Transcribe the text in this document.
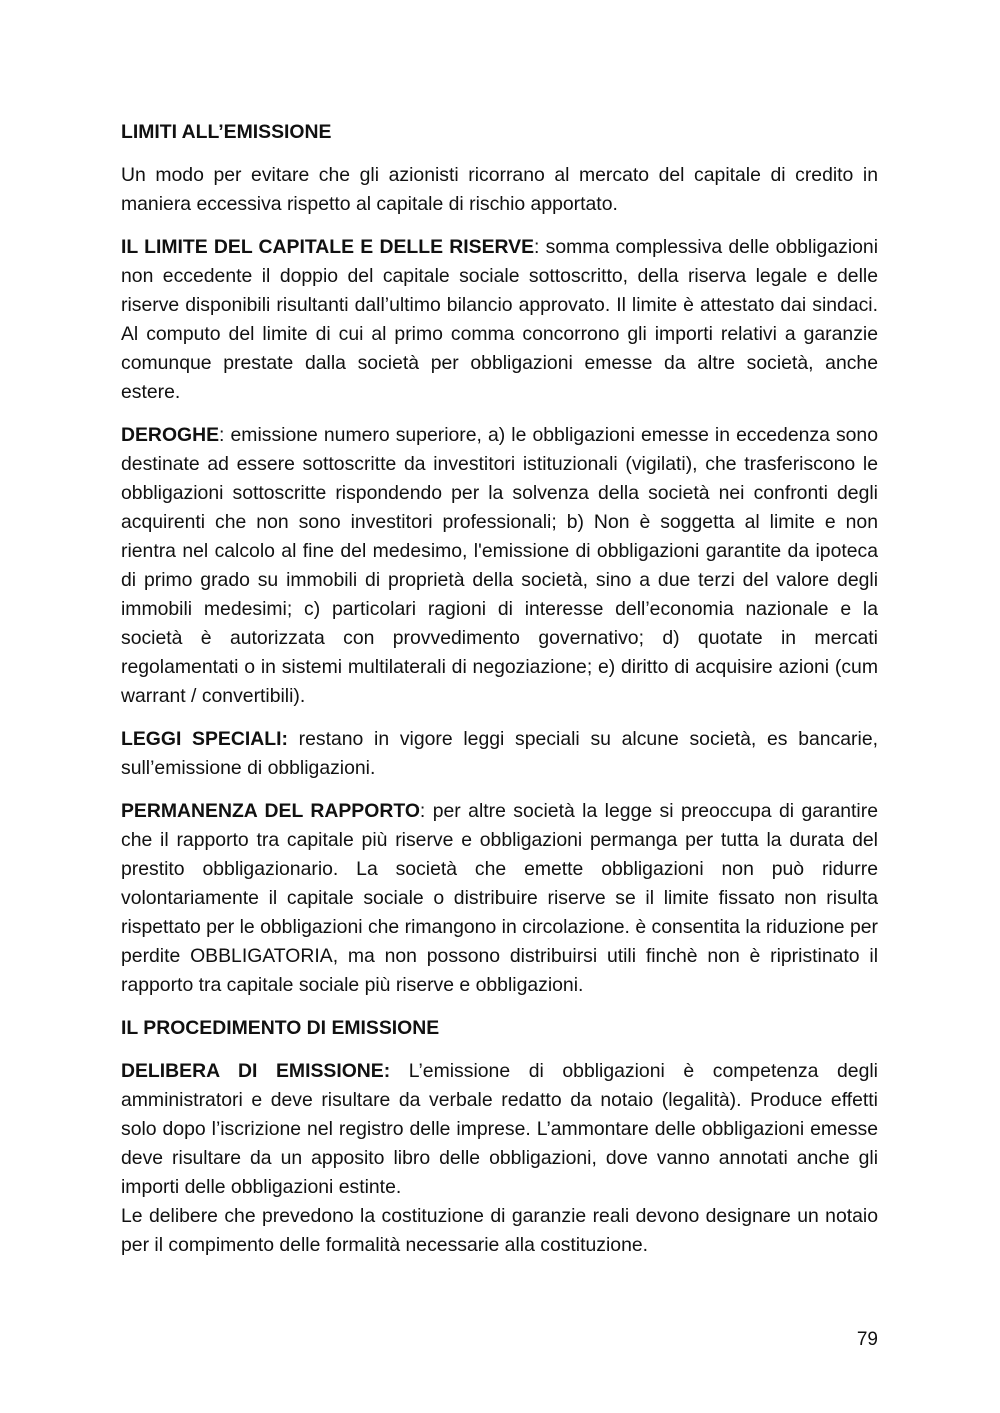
LIMITI ALL’EMISSIONE

Un modo per evitare che gli azionisti ricorrano al mercato del capitale di credito in maniera eccessiva rispetto al capitale di rischio apportato.

IL LIMITE DEL CAPITALE E DELLE RISERVE: somma complessiva delle obbligazioni non eccedente il doppio del capitale sociale sottoscritto, della riserva legale e delle riserve disponibili risultanti dall’ultimo bilancio approvato. Il limite è attestato dai sindaci. Al computo del limite di cui al primo comma concorrono gli importi relativi a garanzie comunque prestate dalla società per obbligazioni emesse da altre società, anche estere.

DEROGHE: emissione numero superiore, a) le obbligazioni emesse in eccedenza sono destinate ad essere sottoscritte da investitori istituzionali (vigilati), che trasferiscono le obbligazioni sottoscritte rispondendo per la solvenza della società nei confronti degli acquirenti che non sono investitori professionali; b) Non è soggetta al limite e non rientra nel calcolo al fine del medesimo, l'emissione di obbligazioni garantite da ipoteca di primo grado su immobili di proprietà della società, sino a due terzi del valore degli immobili medesimi; c) particolari ragioni di interesse dell’economia nazionale e la società è autorizzata con provvedimento governativo; d) quotate in mercati regolamentati o in sistemi multilaterali di negoziazione; e) diritto di acquisire azioni (cum warrant / convertibili).

LEGGI SPECIALI: restano in vigore leggi speciali su alcune società, es bancarie, sull’emissione di obbligazioni.

PERMANENZA DEL RAPPORTO: per altre società la legge si preoccupa di garantire che il rapporto tra capitale più riserve e obbligazioni permanga per tutta la durata del prestito obbligazionario. La società che emette obbligazioni non può ridurre volontariamente il capitale sociale o distribuire riserve se il limite fissato non risulta rispettato per le obbligazioni che rimangono in circolazione. è consentita la riduzione per perdite OBBLIGATORIA, ma non possono distribuirsi utili finchè non è ripristinato il rapporto tra capitale sociale più riserve e obbligazioni.

IL PROCEDIMENTO DI EMISSIONE

DELIBERA DI EMISSIONE: L’emissione di obbligazioni è competenza degli amministratori e deve risultare da verbale redatto da notaio (legalità). Produce effetti solo dopo l’iscrizione nel registro delle imprese. L’ammontare delle obbligazioni emesse deve risultare da un apposito libro delle obbligazioni, dove vanno annotati anche gli importi delle obbligazioni estinte.

Le delibere che prevedono la costituzione di garanzie reali devono designare un notaio per il compimento delle formalità necessarie alla costituzione.

79
